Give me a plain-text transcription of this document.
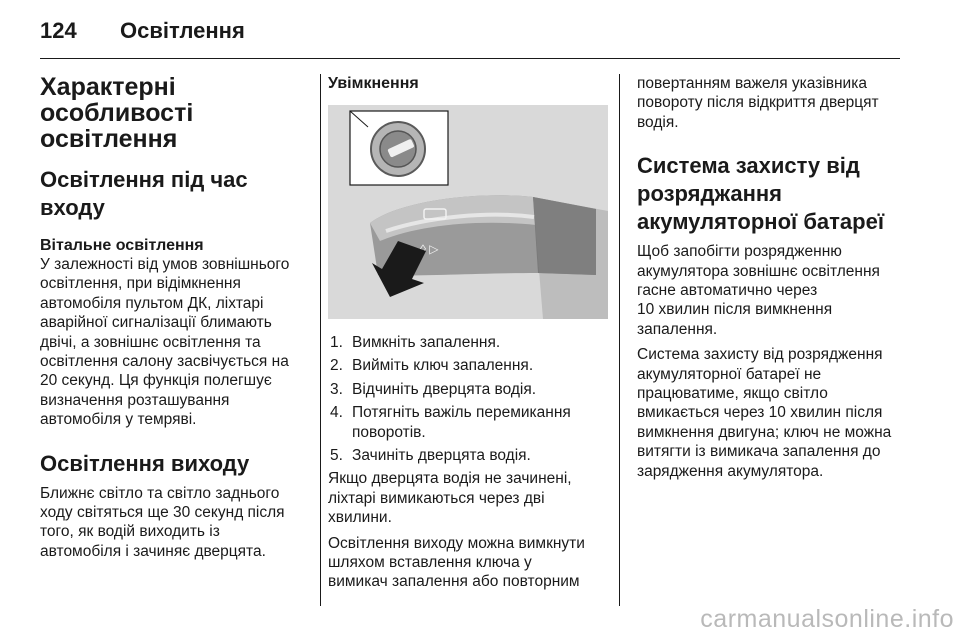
124 Освітлення
Характерні
особливості
освітлення
Освітлення під час входу
Вітальне освітлення

У залежності від умов зовнішнього
освітлення, при відімкнення
автомобіля пультом ДК, ліхтарі
аварійної сигналізації блимають
двічі, а зовнішнє освітлення та
освітлення салону засвічується на
20 секунд. Ця функція полегшує
визначення розташування
автомобіля у темряві.

Освітлення виходу

Ближнє світло та світло заднього
ходу світяться ще 30 секунд після
того, як водій виходить із
автомобіля і зачиняє дверцята.

Увімкнення
◊ ▷
1. Вимкніть запалення.
2. Вийміть ключ запалення.
3. Відчиніть дверцята водія.
4. Потягніть важіль перемикання
поворотів.
5. Зачиніть дверцята водія.

Якщо дверцята водія не зачинені,
ліхтарі вимикаються через дві
хвилини.

Освітлення виходу можна вимкнути
шляхом вставлення ключа у
вимикач запалення або повторним

повертанням важеля указівника
повороту після відкриття дверцят
водія.

Система захисту від
розряджання
акумуляторної батареї

Щоб запобігти розрядженню
акумулятора зовнішнє освітлення
гасне автоматично через
10 хвилин після вимкнення
запалення.

Система захисту від розрядження
акумуляторної батареї не
працюватиме, якщо світло
вмикається через 10 хвилин після
вимкнення двигуна; ключ не можна
витягти із вимикача запалення до
зарядження акумулятора.

carmanualsonline.info
